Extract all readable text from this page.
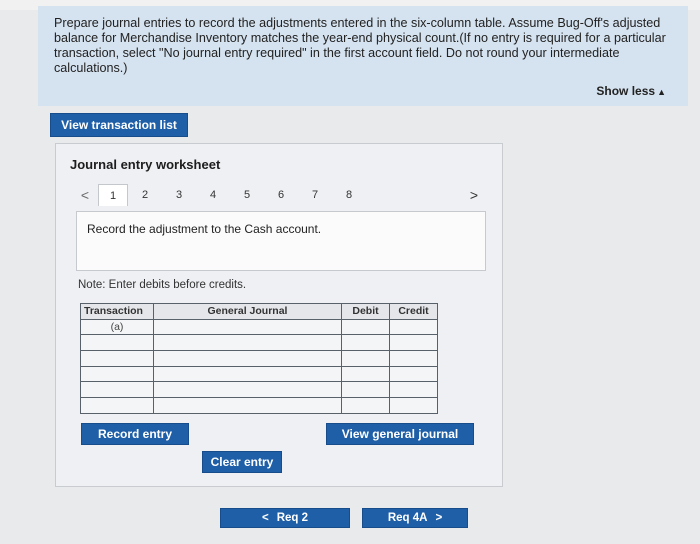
Prepare journal entries to record the adjustments entered in the six-column table. Assume Bug-Off's adjusted balance for Merchandise Inventory matches the year-end physical count.(If no entry is required for a particular transaction, select "No journal entry required" in the first account field. Do not round your intermediate calculations.)

Show less ▲
View transaction list
Journal entry worksheet
<	1	2	3	4	5	6	7	8	>
Record the adjustment to the Cash account.
Note: Enter debits before credits.
Transaction	General Journal	Debit	Credit
(a)			

Record entry	View general journal
Clear entry
< Req 2	Req 4A >
